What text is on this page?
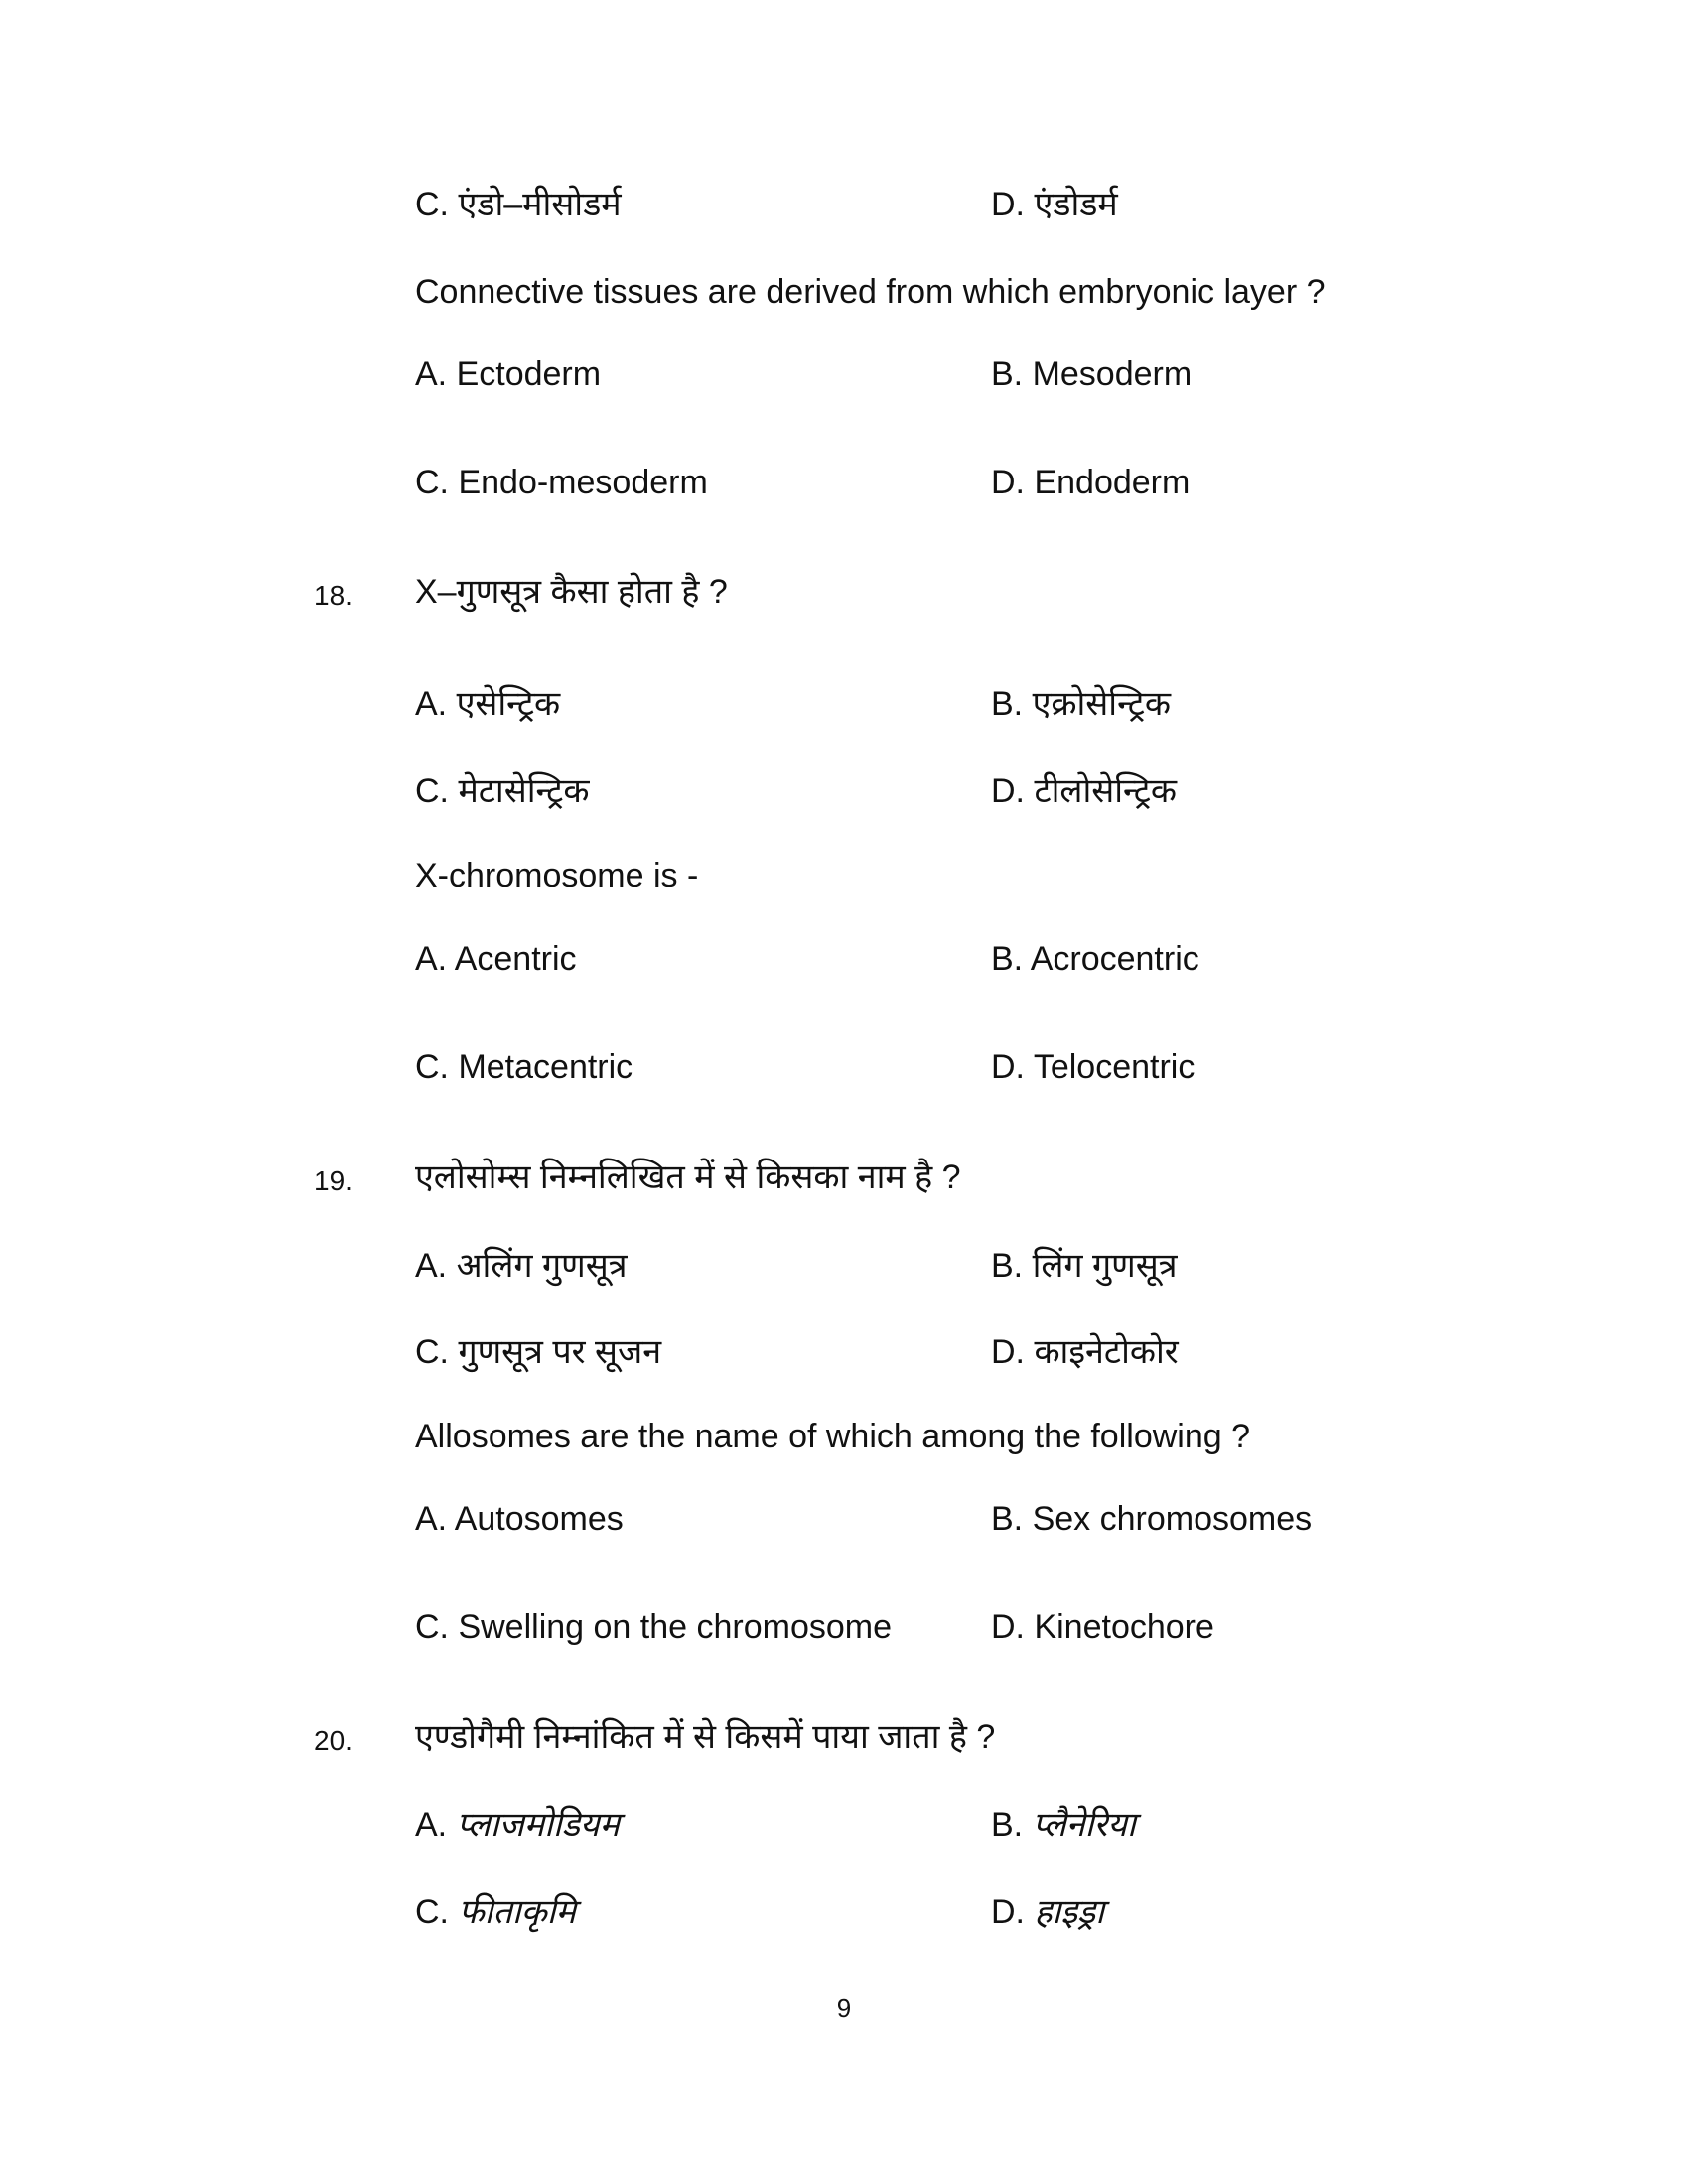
C. एंडो–मीसोडर्म	D. एंडोडर्म
Connective tissues are derived from which embryonic layer ?
A. Ectoderm	B. Mesoderm
C. Endo-mesoderm	D. Endoderm
18. X–गुणसूत्र कैसा होता है ?
A. एसेन्ट्रिक	B. एक्रोसेन्ट्रिक
C. मेटासेन्ट्रिक	D. टीलोसेन्ट्रिक
X-chromosome is -
A. Acentric	B. Acrocentric
C. Metacentric	D. Telocentric
19. एलोसोम्स निम्नलिखित में से किसका नाम है ?
A. अलिंग गुणसूत्र	B. लिंग गुणसूत्र
C. गुणसूत्र पर सूजन	D. काइनेटोकोर
Allosomes are the name of which among the following ?
A. Autosomes	B. Sex chromosomes
C. Swelling on the chromosome	D. Kinetochore
20. एण्डोगैमी निम्नांकित में से किसमें पाया जाता है ?
A. प्लाजमोडियम	B. प्लैनेरिया
C. फीताकृमि	D. हाइड्रा
9
